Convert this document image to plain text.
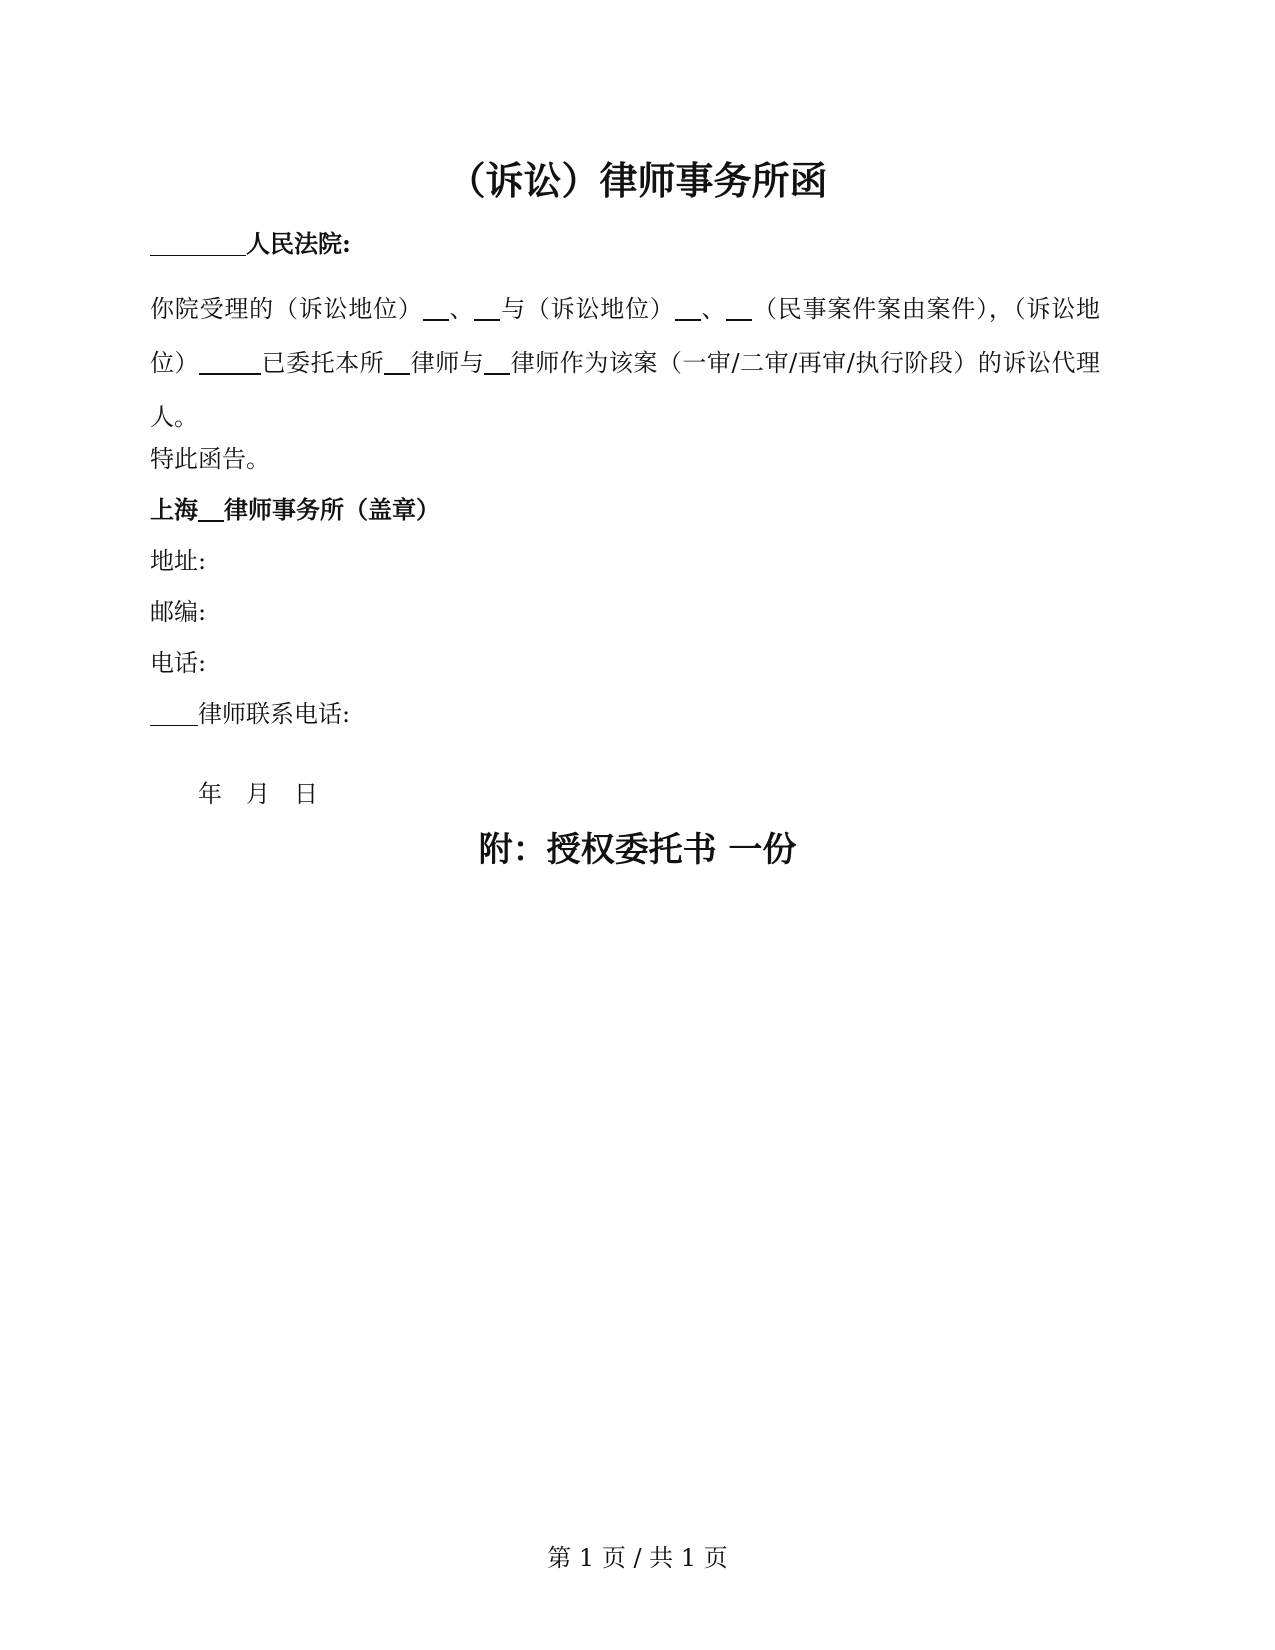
（诉讼）律师事务所函
人民法院:
你院受理的（诉讼地位） 、 与（诉讼地位） 、 （民事案件案由案件），（诉讼地位）	已委托本所 律师与 律师作为该案（一审/二审/再审/执行阶段）的诉讼代理人。
特此函告。
上海 律师事务所（盖章）
地址:
邮编:
电话:
律师联系电话:
年　月　日
附：授权委托书 一份
第 1 页 / 共 1 页
